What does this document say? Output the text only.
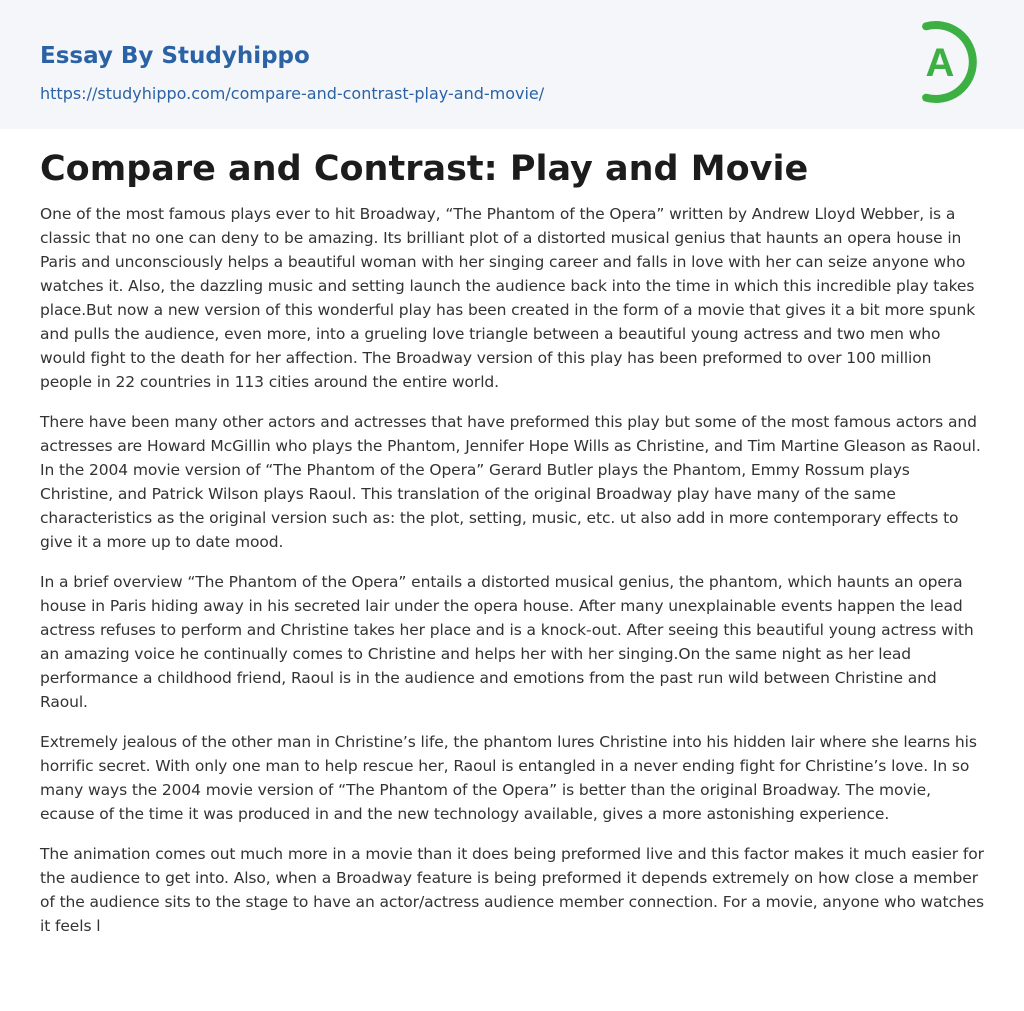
Essay By Studyhippo
https://studyhippo.com/compare-and-contrast-play-and-movie/
A
Compare and Contrast: Play and Movie

One of the most famous plays ever to hit Broadway, “The Phantom of the Opera” written by Andrew Lloyd Webber, is a classic that no one can deny to be amazing. Its brilliant plot of a distorted musical genius that haunts an opera house in Paris and unconsciously helps a beautiful woman with her singing career and falls in love with her can seize anyone who watches it. Also, the dazzling music and setting launch the audience back into the time in which this incredible play takes place.But now a new version of this wonderful play has been created in the form of a movie that gives it a bit more spunk and pulls the audience, even more, into a grueling love triangle between a beautiful young actress and two men who would fight to the death for her affection. The Broadway version of this play has been preformed to over 100 million people in 22 countries in 113 cities around the entire world.

There have been many other actors and actresses that have preformed this play but some of the most famous actors and actresses are Howard McGillin who plays the Phantom, Jennifer Hope Wills as Christine, and Tim Martine Gleason as Raoul. In the 2004 movie version of “The Phantom of the Opera” Gerard Butler plays the Phantom, Emmy Rossum plays Christine, and Patrick Wilson plays Raoul. This translation of the original Broadway play have many of the same characteristics as the original version such as: the plot, setting, music, etc. ut also add in more contemporary effects to give it a more up to date mood.

In a brief overview “The Phantom of the Opera” entails a distorted musical genius, the phantom, which haunts an opera house in Paris hiding away in his secreted lair under the opera house. After many unexplainable events happen the lead actress refuses to perform and Christine takes her place and is a knock-out. After seeing this beautiful young actress with an amazing voice he continually comes to Christine and helps her with her singing.On the same night as her lead performance a childhood friend, Raoul is in the audience and emotions from the past run wild between Christine and Raoul.

Extremely jealous of the other man in Christine’s life, the phantom lures Christine into his hidden lair where she learns his horrific secret. With only one man to help rescue her, Raoul is entangled in a never ending fight for Christine’s love. In so many ways the 2004 movie version of “The Phantom of the Opera” is better than the original Broadway. The movie, ecause of the time it was produced in and the new technology available, gives a more astonishing experience.

The animation comes out much more in a movie than it does being preformed live and this factor makes it much easier for the audience to get into. Also, when a Broadway feature is being preformed it depends extremely on how close a member of the audience sits to the stage to have an actor/actress audience member connection. For a movie, anyone who watches it feels l
